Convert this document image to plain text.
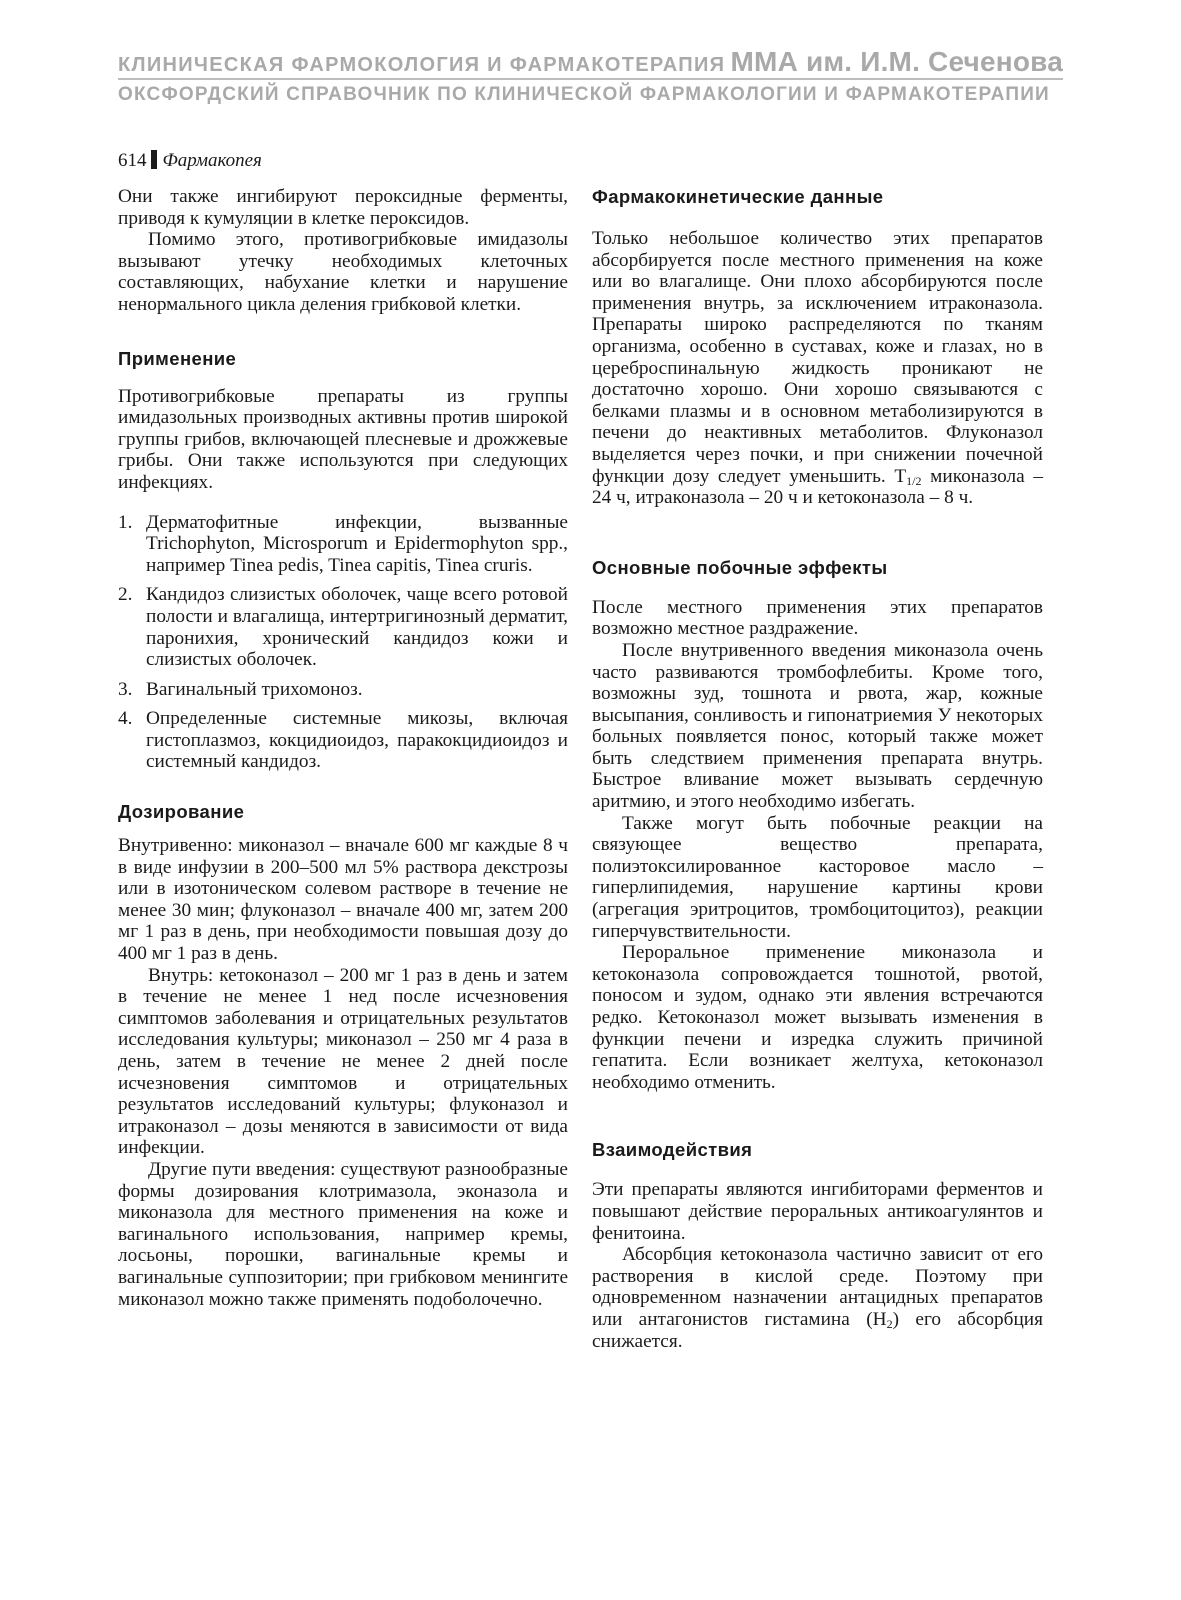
КЛИНИЧЕСКАЯ ФАРМОКОЛОГИЯ И ФАРМАКОТЕРАПИЯ ММА им. И.М. Сеченова
ОКСФОРДСКИЙ СПРАВОЧНИК ПО КЛИНИЧЕСКОЙ ФАРМАКОЛОГИИ И ФАРМАКОТЕРАПИИ
614 Фармакопея

Они также ингибируют пероксидные ферменты, приводя к кумуляции в клетке пероксидов.

Помимо этого, противогрибковые имидазолы вызывают утечку необходимых клеточных составляющих, набухание клетки и нарушение ненормального цикла деления грибковой клетки.

Применение

Противогрибковые препараты из группы имидазольных производных активны против широкой группы грибов, включающей плесневые и дрожжевые грибы. Они также используются при следующих инфекциях.

1. Дерматофитные инфекции, вызванные Trichophyton, Microsporum и Epidermophyton spp., например Tinea pedis, Tinea capitis, Tinea cruris.

2. Кандидоз слизистых оболочек, чаще всего ротовой полости и влагалища, интертригинозный дерматит, паронихия, хронический кандидоз кожи и слизистых оболочек.

3. Вагинальный трихомоноз.

4. Определенные системные микозы, включая гистоплазмоз, кокцидиоидоз, паракокцидиоидоз и системный кандидоз.

Дозирование

Внутривенно: миконазол – вначале 600 мг каждые 8 ч в виде инфузии в 200–500 мл 5% раствора декстрозы или в изотоническом солевом растворе в течение не менее 30 мин; флуконазол – вначале 400 мг, затем 200 мг 1 раз в день, при необходимости повышая дозу до 400 мг 1 раз в день.

Внутрь: кетоконазол – 200 мг 1 раз в день и затем в течение не менее 1 нед после исчезновения симптомов заболевания и отрицательных результатов исследования культуры; миконазол – 250 мг 4 раза в день, затем в течение не менее 2 дней после исчезновения симптомов и отрицательных результатов исследований культуры; флуконазол и итраконазол – дозы меняются в зависимости от вида инфекции.

Другие пути введения: существуют разнообразные формы дозирования клотримазола, эконазола и миконазола для местного применения на коже и вагинального использования, например кремы, лосьоны, порошки, вагинальные кремы и вагинальные суппозитории; при грибковом менингите миконазол можно также применять подоболочечно.

Фармакокинетические данные

Только небольшое количество этих препаратов абсорбируется после местного применения на коже или во влагалище. Они плохо абсорбируются после применения внутрь, за исключением итраконазола. Препараты широко распределяются по тканям организма, особенно в суставах, коже и глазах, но в цереброспинальную жидкость проникают не достаточно хорошо. Они хорошо связываются с белками плазмы и в основном метаболизируются в печени до неактивных метаболитов. Флуконазол выделяется через почки, и при снижении почечной функции дозу следует уменьшить. $T_{1/2}$ миконазола – 24 ч, итраконазола – 20 ч и кетоконазола – 8 ч.

Основные побочные эффекты

После местного применения этих препаратов возможно местное раздражение.

После внутривенного введения миконазола очень часто развиваются тромбофлебиты. Кроме того, возможны зуд, тошнота и рвота, жар, кожные высыпания, сонливость и гипонатриемия У некоторых больных появляется понос, который также может быть следствием применения препарата внутрь. Быстрое вливание может вызывать сердечную аритмию, и этого необходимо избегать.

Также могут быть побочные реакции на связующее вещество препарата, полиэтоксилированное касторовое масло – гиперлипидемия, нарушение картины крови (агрегация эритроцитов, тромбоцитоцитоз), реакции гиперчувствительности.

Пероральное применение миконазола и кетоконазола сопровождается тошнотой, рвотой, поносом и зудом, однако эти явления встречаются редко. Кетоконазол может вызывать изменения в функции печени и изредка служить причиной гепатита. Если возникает желтуха, кетоконазол необходимо отменить.

Взаимодействия

Эти препараты являются ингибиторами ферментов и повышают действие пероральных антикоагулянтов и фенитоина.

Абсорбция кетоконазола частично зависит от его растворения в кислой среде. Поэтому при одновременном назначении антацидных препаратов или антагонистов гистамина $(H_2)$ его абсорбция снижается.
